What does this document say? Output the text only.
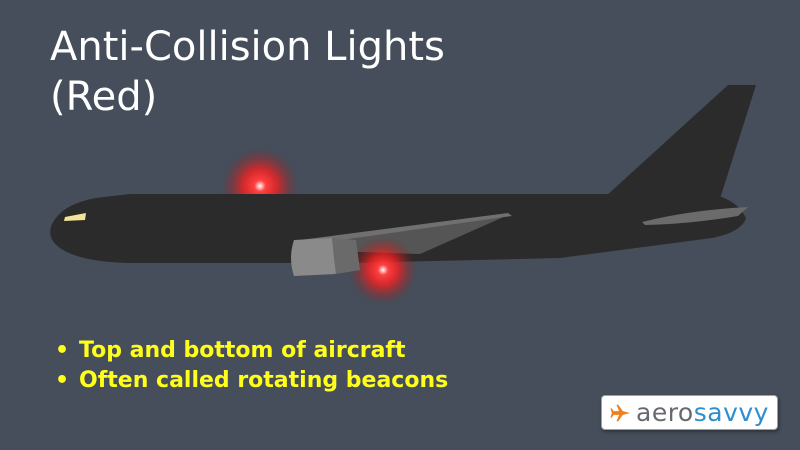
Anti-Collision Lights
(Red)
• Top and bottom of aircraft
• Often called rotating beacons
aerosavvy
